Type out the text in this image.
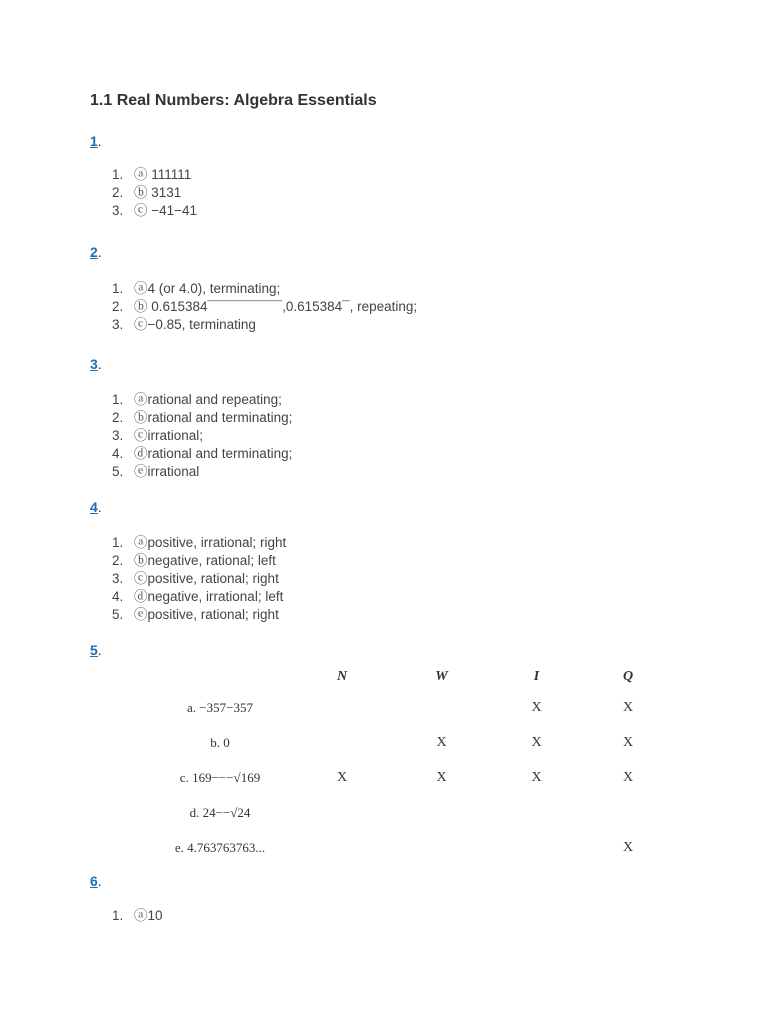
1.1 Real Numbers: Algebra Essentials
1.
1. ⓐ 111111
2. ⓑ 3131
3. ⓒ −41−41
2.
1. ⓐ4 (or 4.0), terminating;
2. ⓑ 0.615384¯¯¯¯¯¯¯¯¯¯,0.615384¯, repeating;
3. ⓒ−0.85, terminating
3.
1. ⓐrational and repeating;
2. ⓑrational and terminating;
3. ⓒirrational;
4. ⓓrational and terminating;
5. ⓔirrational
4.
1. ⓐpositive, irrational; right
2. ⓑnegative, rational; left
3. ⓒpositive, rational; right
4. ⓓnegative, irrational; left
5. ⓔpositive, rational; right
5.
	N	W	I	Q
a. −357−357			X	X
b. 0		X	X	X
c. 169−−−√169	X	X	X	X
d. 24−−√24				
e. 4.763763763...				X
6.
1. ⓐ10
